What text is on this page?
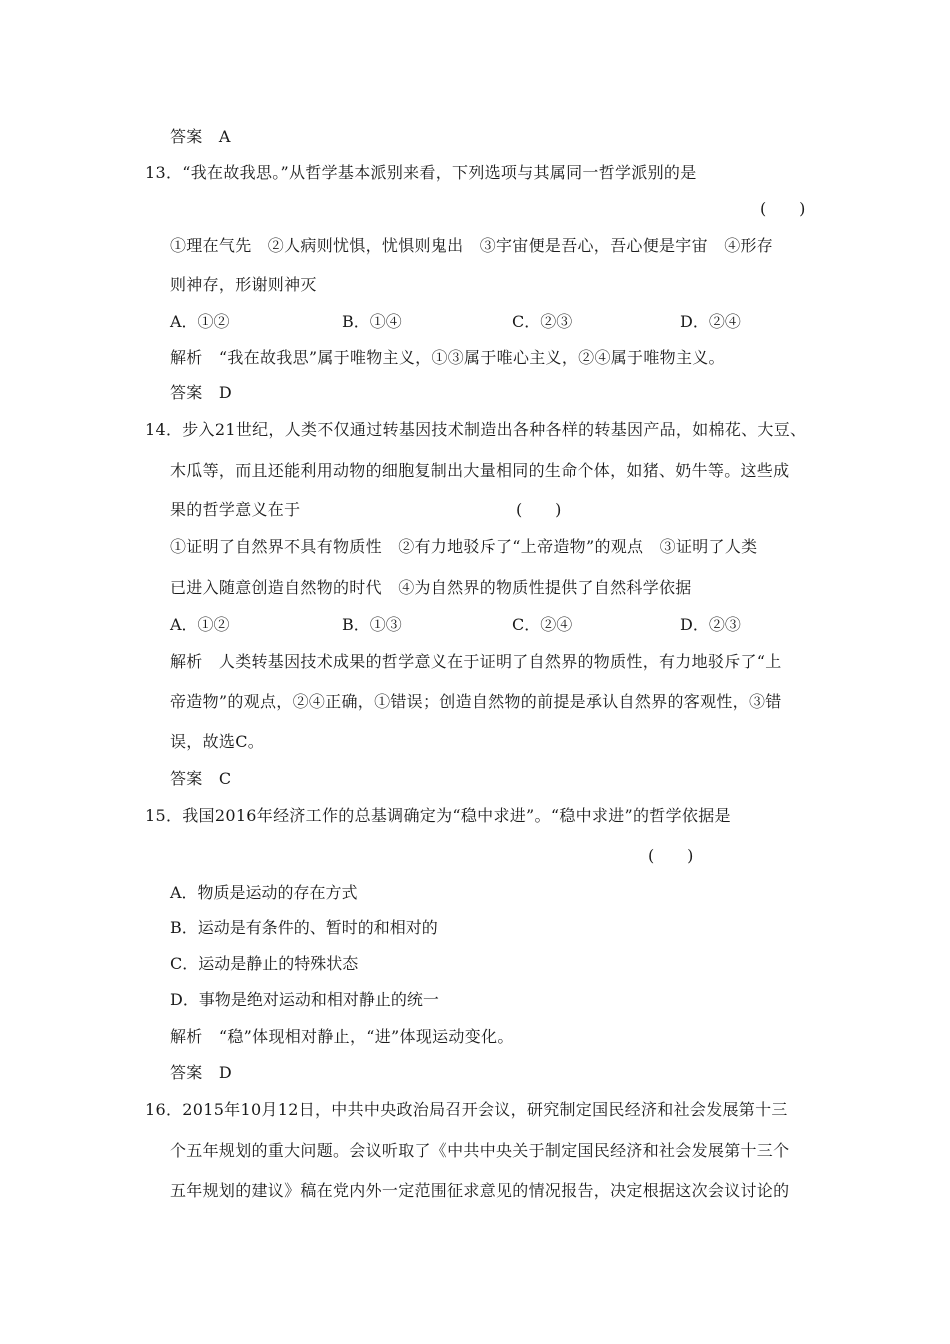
答案　A
13．“我在故我思。”从哲学基本派别来看，下列选项与其属同一哲学派别的是
(　　)
①理在气先　②人病则忧惧，忧惧则鬼出　③宇宙便是吾心，吾心便是宇宙　④形存
则神存，形谢则神灭
A．①②	B．①④	C．②③	D．②④
解析　“我在故我思”属于唯物主义，①③属于唯心主义，②④属于唯物主义。
答案　D
14．步入21世纪，人类不仅通过转基因技术制造出各种各样的转基因产品，如棉花、大豆、
木瓜等，而且还能利用动物的细胞复制出大量相同的生命个体，如猪、奶牛等。这些成
果的哲学意义在于	(　　)
①证明了自然界不具有物质性　②有力地驳斥了“上帝造物”的观点　③证明了人类
已进入随意创造自然物的时代　④为自然界的物质性提供了自然科学依据
A．①②	B．①③	C．②④	D．②③
解析　人类转基因技术成果的哲学意义在于证明了自然界的物质性，有力地驳斥了“上
帝造物”的观点，②④正确，①错误；创造自然物的前提是承认自然界的客观性，③错
误，故选C。
答案　C
15．我国2016年经济工作的总基调确定为“稳中求进”。“稳中求进”的哲学依据是
(　　)
A．物质是运动的存在方式
B．运动是有条件的、暂时的和相对的
C．运动是静止的特殊状态
D．事物是绝对运动和相对静止的统一
解析　“稳”体现相对静止，“进”体现运动变化。
答案　D
16．2015年10月12日，中共中央政治局召开会议，研究制定国民经济和社会发展第十三
个五年规划的重大问题。会议听取了《中共中央关于制定国民经济和社会发展第十三个
五年规划的建议》稿在党内外一定范围征求意见的情况报告，决定根据这次会议讨论的
